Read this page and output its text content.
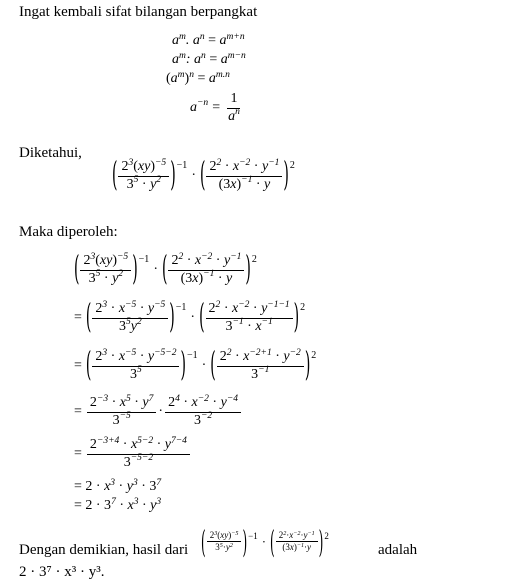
Ingat kembali sifat bilangan berpangkat
$a^m$. $a^n = a^{m+n}$
$a^m$: $a^n = a^{m-n}$
$(a^m)^n = a^{m.n}$
$a^{-n} = \frac{1}{a^n}$
Diketahui,
( $\frac{2^3(xy)^{-5}}{3^5 \cdot y^2}$ ) −1
· ( $\frac{2^2 \cdot x^{-2} \cdot y^{-1}}{(3x)^{-1} \cdot y}$ ) 2
Maka diperoleh:
( $\frac{2^3(xy)^{-5}}{3^5 \cdot y^2}$ ) −1
· ( $\frac{2^2 \cdot x^{-2} \cdot y^{-1}}{(3x)^{-1} \cdot y}$ ) 2
= ( $\frac{2^3 \cdot x^{-5} \cdot y^{-5}}{3^5y^2}$ ) −1
· ( $\frac{2^2 \cdot x^{-2} \cdot y^{-1-1}}{3^{-1} \cdot x^{-1}}$ ) 2
= ( $\frac{2^3 \cdot x^{-5} \cdot y^{-5-2}}{3^5}$ ) −1
· ( $\frac{2^2 \cdot x^{-2+1} \cdot y^{-2}}{3^{-1}}$ ) 2
= $\frac{2^{-3} \cdot x^5 \cdot y^7}{3^{-5}} \cdot \frac{2^4 \cdot x^{-2} \cdot y^{-4}}{3^{-2}}$
= $\frac{2^{-3+4} \cdot x^{5-2} \cdot y^{7-4}}{3^{-5-2}}$
= $2 \cdot x^3 \cdot y^3 \cdot 3^7$
= $2 \cdot 3^7 \cdot x^3 \cdot y^3$
Dengan demikian, hasil dari ( $\frac{2^3(xy)^{-5}}{3^5\cdot y^2}$ ) −1 · ( $\frac{2^2\cdot x^{-2}\cdot y^{-1}}{(3x)^{-1}\cdot y}$ ) 2
adalah
2 · 3⁷ · x³ · y³.
